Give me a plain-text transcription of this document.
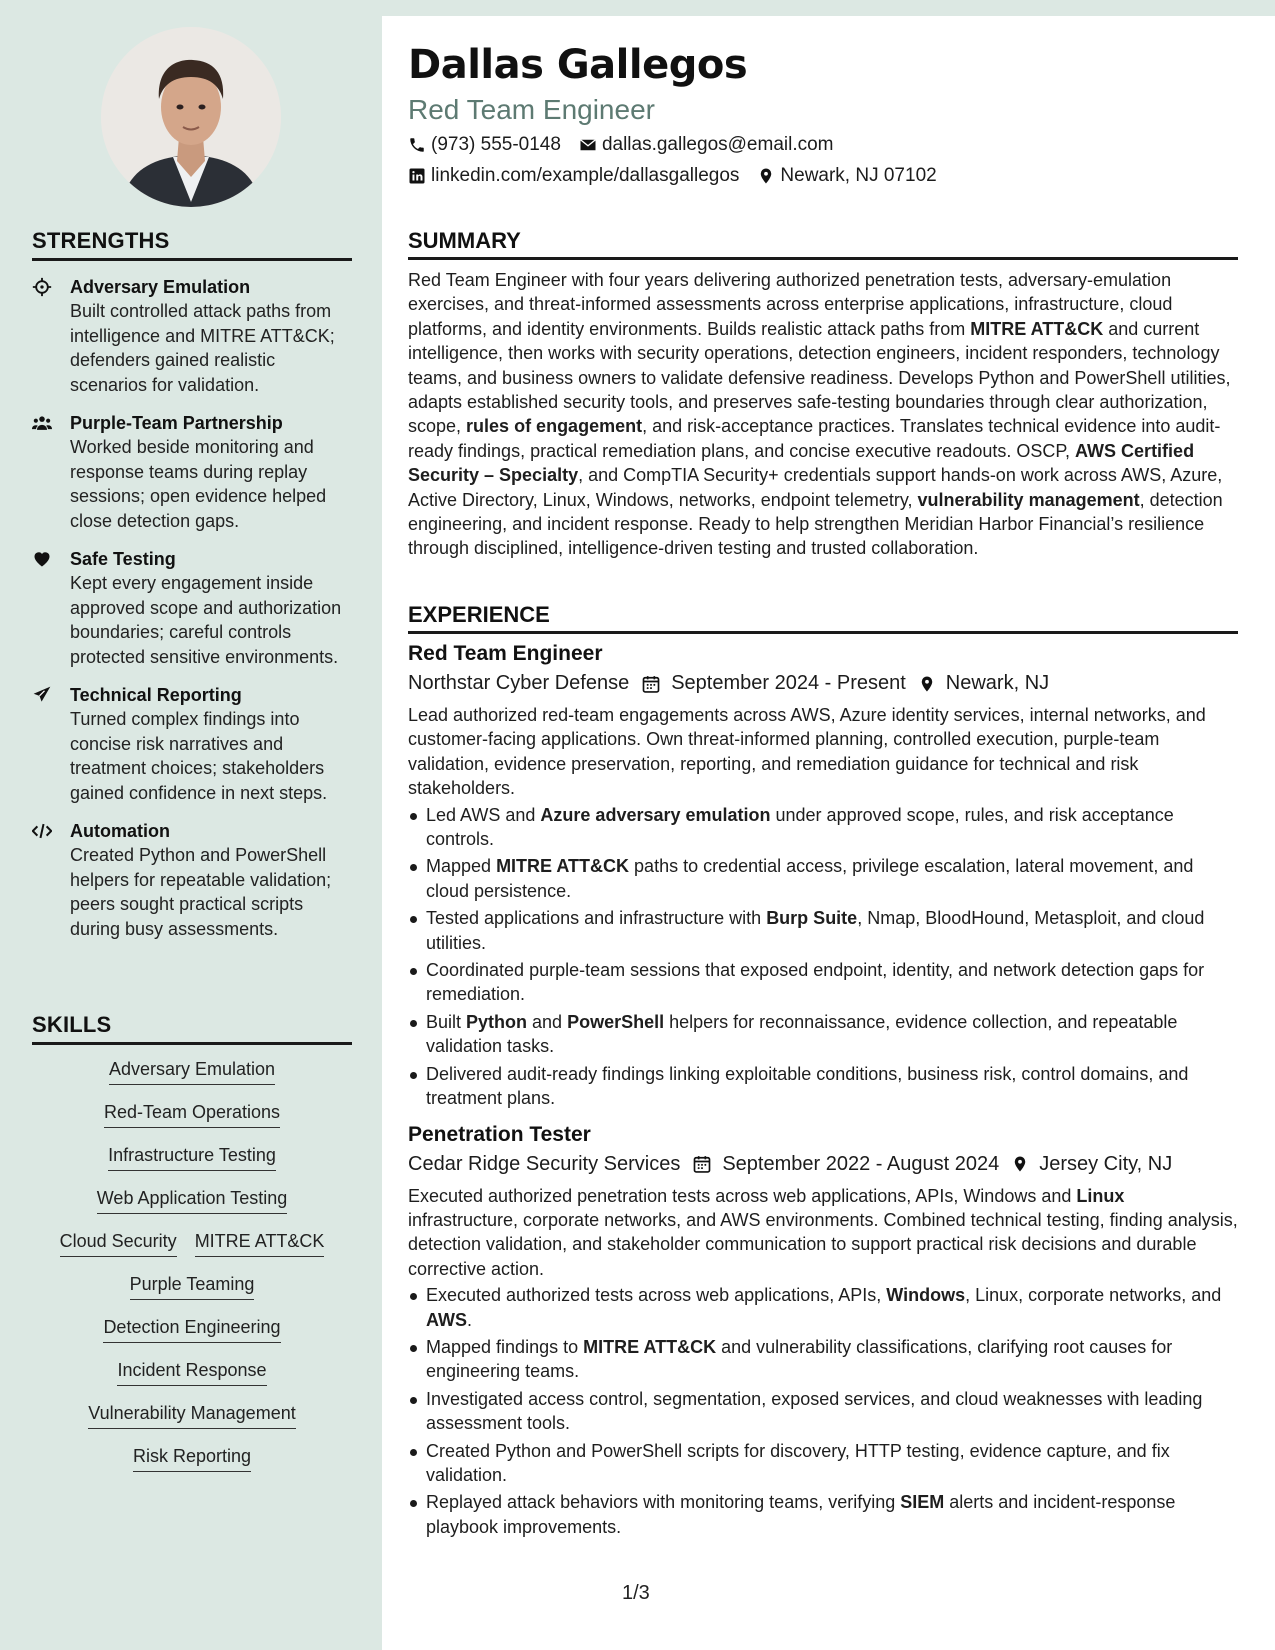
STRENGTHS
Adversary Emulation
Built controlled attack paths from intelligence and MITRE ATT&CK; defenders gained realistic scenarios for validation.
Purple-Team Partnership
Worked beside monitoring and response teams during replay sessions; open evidence helped close detection gaps.
Safe Testing
Kept every engagement inside approved scope and authorization boundaries; careful controls protected sensitive environments.
Technical Reporting
Turned complex findings into concise risk narratives and treatment choices; stakeholders gained confidence in next steps.
Automation
Created Python and PowerShell helpers for repeatable validation; peers sought practical scripts during busy assessments.
SKILLS
Adversary Emulation
Red-Team Operations
Infrastructure Testing
Web Application Testing
Cloud Security MITRE ATT&CK
Purple Teaming
Detection Engineering
Incident Response
Vulnerability Management
Risk Reporting
Dallas Gallegos
Red Team Engineer
(973) 555-0148 dallas.gallegos@email.com
linkedin.com/example/dallasgallegos Newark, NJ 07102
SUMMARY
Red Team Engineer with four years delivering authorized penetration tests, adversary-emulation exercises, and threat-informed assessments across enterprise applications, infrastructure, cloud platforms, and identity environments. Builds realistic attack paths from MITRE ATT&CK and current intelligence, then works with security operations, detection engineers, incident responders, technology teams, and business owners to validate defensive readiness. Develops Python and PowerShell utilities, adapts established security tools, and preserves safe-testing boundaries through clear authorization, scope, rules of engagement, and risk-acceptance practices. Translates technical evidence into audit-ready findings, practical remediation plans, and concise executive readouts. OSCP, AWS Certified Security – Specialty, and CompTIA Security+ credentials support hands-on work across AWS, Azure, Active Directory, Linux, Windows, networks, endpoint telemetry, vulnerability management, detection engineering, and incident response. Ready to help strengthen Meridian Harbor Financial’s resilience through disciplined, intelligence-driven testing and trusted collaboration.
EXPERIENCE
Red Team Engineer
Northstar Cyber Defense September 2024 - Present Newark, NJ
Lead authorized red-team engagements across AWS, Azure identity services, internal networks, and customer-facing applications. Own threat-informed planning, controlled execution, purple-team validation, evidence preservation, reporting, and remediation guidance for technical and risk stakeholders.
Led AWS and Azure adversary emulation under approved scope, rules, and risk acceptance controls.
Mapped MITRE ATT&CK paths to credential access, privilege escalation, lateral movement, and cloud persistence.
Tested applications and infrastructure with Burp Suite, Nmap, BloodHound, Metasploit, and cloud utilities.
Coordinated purple-team sessions that exposed endpoint, identity, and network detection gaps for remediation.
Built Python and PowerShell helpers for reconnaissance, evidence collection, and repeatable validation tasks.
Delivered audit-ready findings linking exploitable conditions, business risk, control domains, and treatment plans.
Penetration Tester
Cedar Ridge Security Services September 2022 - August 2024 Jersey City, NJ
Executed authorized penetration tests across web applications, APIs, Windows and Linux infrastructure, corporate networks, and AWS environments. Combined technical testing, finding analysis, detection validation, and stakeholder communication to support practical risk decisions and durable corrective action.
Executed authorized tests across web applications, APIs, Windows, Linux, corporate networks, and AWS.
Mapped findings to MITRE ATT&CK and vulnerability classifications, clarifying root causes for engineering teams.
Investigated access control, segmentation, exposed services, and cloud weaknesses with leading assessment tools.
Created Python and PowerShell scripts for discovery, HTTP testing, evidence capture, and fix validation.
Replayed attack behaviors with monitoring teams, verifying SIEM alerts and incident-response playbook improvements.
1/3
